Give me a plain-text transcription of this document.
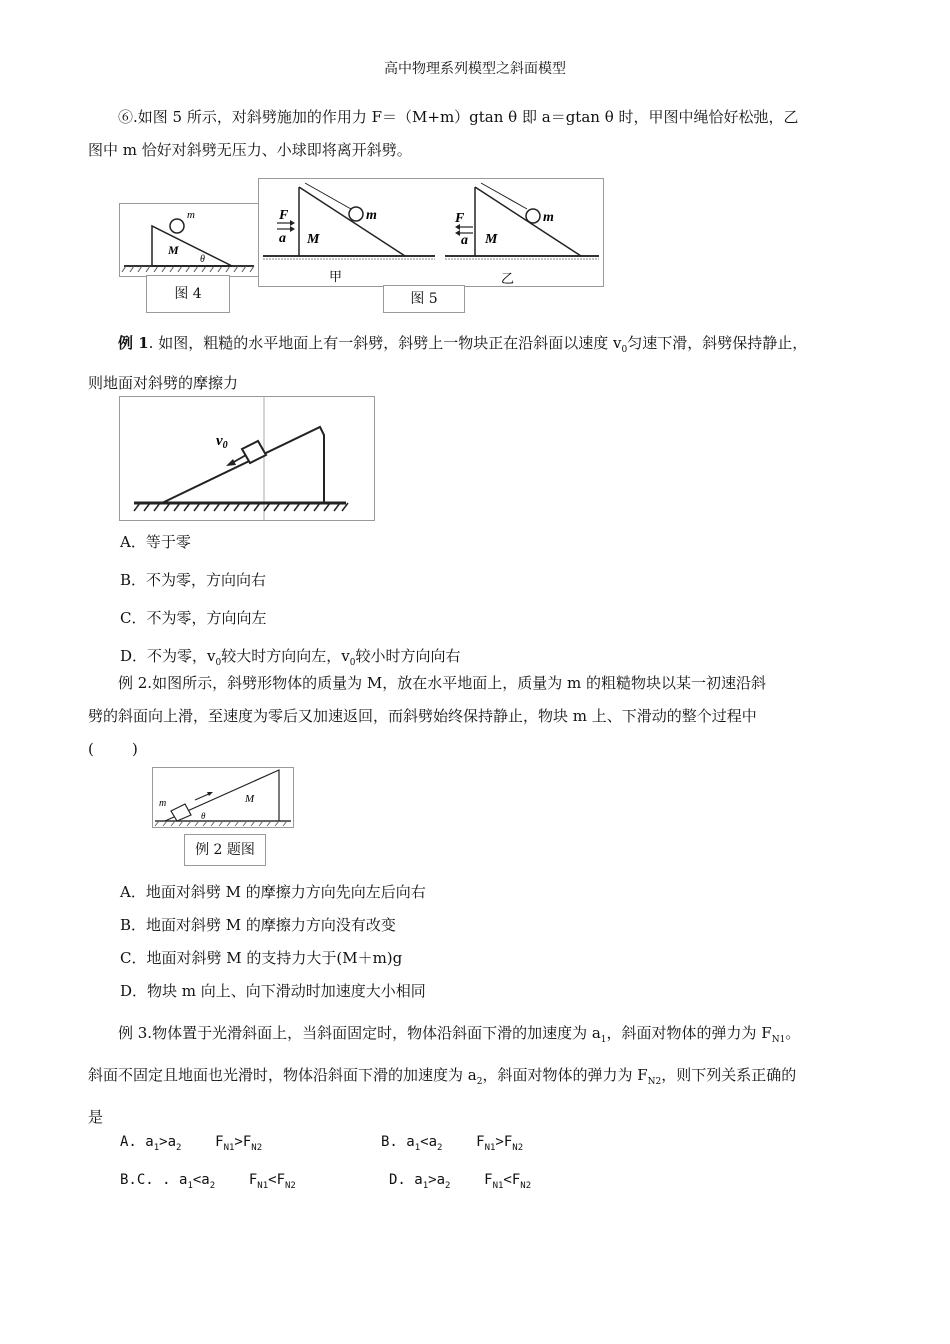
高中物理系列模型之斜面模型
⑥.如图 5 所示，对斜劈施加的作用力 F＝（M+m）gtan θ 即 a＝gtan θ 时，甲图中绳恰好松弛，乙
图中 m 恰好对斜劈无压力、小球即将离开斜劈。
m
M
θ
图 4
m
F
a M
甲
m
F
a M
乙
图 5
例 1. 如图，粗糙的水平地面上有一斜劈，斜劈上一物块正在沿斜面以速度 $v_0$匀速下滑，斜劈保持静止，
则地面对斜劈的摩擦力
$v_0$
A．等于零
B．不为零，方向向右
C．不为零，方向向左
D．不为零，$v_0$较大时方向向左，$v_0$较小时方向向右
例 2.如图所示，斜劈形物体的质量为 M，放在水平地面上，质量为 m 的粗糙物块以某一初速沿斜
劈的斜面向上滑，至速度为零后又加速返回，而斜劈始终保持静止，物块 m 上、下滑动的整个过程中
(        )
m	M
θ
例 2 题图
A．地面对斜劈 M 的摩擦力方向先向左后向右
B．地面对斜劈 M 的摩擦力方向没有改变
C．地面对斜劈 M 的支持力大于(M＋m)g
D．物块 m 向上、向下滑动时加速度大小相同
例 3.物体置于光滑斜面上，当斜面固定时，物体沿斜面下滑的加速度为 $a_1$，斜面对物体的弹力为 $F_{N1}$。
斜面不固定且地面也光滑时，物体沿斜面下滑的加速度为 $a_2$，斜面对物体的弹力为 $F_{N2}$，则下列关系正确的
是
A. $a_1>a_2$    $F_{N1}>F_{N2}$	B. $a_1<a_2$    $F_{N1}>F_{N2}$
B.C. . $a_1<a_2$    $F_{N1}<F_{N2}$	D. $a_1>a_2$    $F_{N1}<F_{N2}$
